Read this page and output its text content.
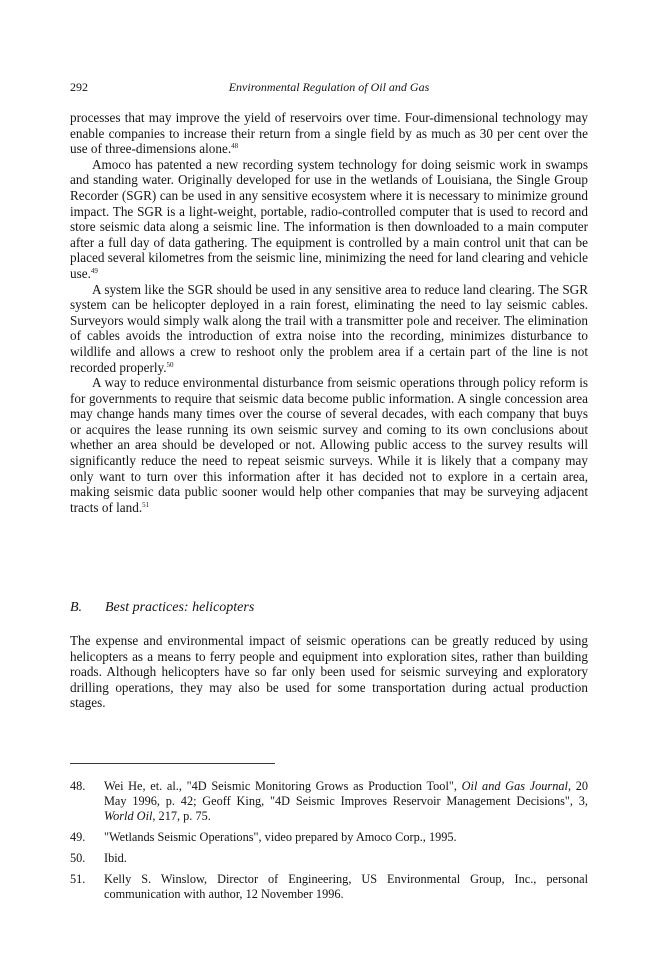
292	Environmental Regulation of Oil and Gas

processes that may improve the yield of reservoirs over time. Four-dimensional technology may enable companies to increase their return from a single field by as much as 30 per cent over the use of three-dimensions alone.$^{48}$

Amoco has patented a new recording system technology for doing seismic work in swamps and standing water. Originally developed for use in the wetlands of Louisiana, the Single Group Recorder (SGR) can be used in any sensitive ecosystem where it is necessary to minimize ground impact. The SGR is a light-weight, portable, radio-controlled computer that is used to record and store seismic data along a seismic line. The information is then downloaded to a main computer after a full day of data gathering. The equipment is controlled by a main control unit that can be placed several kilometres from the seismic line, minimizing the need for land clearing and vehicle use.$^{49}$

A system like the SGR should be used in any sensitive area to reduce land clearing. The SGR system can be helicopter deployed in a rain forest, eliminating the need to lay seismic cables. Surveyors would simply walk along the trail with a transmitter pole and receiver. The elimination of cables avoids the introduction of extra noise into the recording, minimizes disturbance to wildlife and allows a crew to reshoot only the problem area if a certain part of the line is not recorded properly.$^{50}$

A way to reduce environmental disturbance from seismic operations through policy reform is for governments to require that seismic data become public information. A single concession area may change hands many times over the course of several decades, with each company that buys or acquires the lease running its own seismic survey and coming to its own conclusions about whether an area should be developed or not. Allowing public access to the survey results will significantly reduce the need to repeat seismic surveys. While it is likely that a company may only want to turn over this information after it has decided not to explore in a certain area, making seismic data public sooner would help other companies that may be surveying adjacent tracts of land.$^{51}$

B. Best practices: helicopters

The expense and environmental impact of seismic operations can be greatly reduced by using helicopters as a means to ferry people and equipment into exploration sites, rather than building roads. Although helicopters have so far only been used for seismic surveying and exploratory drilling operations, they may also be used for some transportation during actual production stages.

48.	Wei He, et. al., "4D Seismic Monitoring Grows as Production Tool", Oil and Gas Journal, 20 May 1996, p. 42; Geoff King, "4D Seismic Improves Reservoir Management Decisions", 3, World Oil, 217, p. 75.
49.	"Wetlands Seismic Operations", video prepared by Amoco Corp., 1995.
50.	Ibid.
51.	Kelly S. Winslow, Director of Engineering, US Environmental Group, Inc., personal communication with author, 12 November 1996.
